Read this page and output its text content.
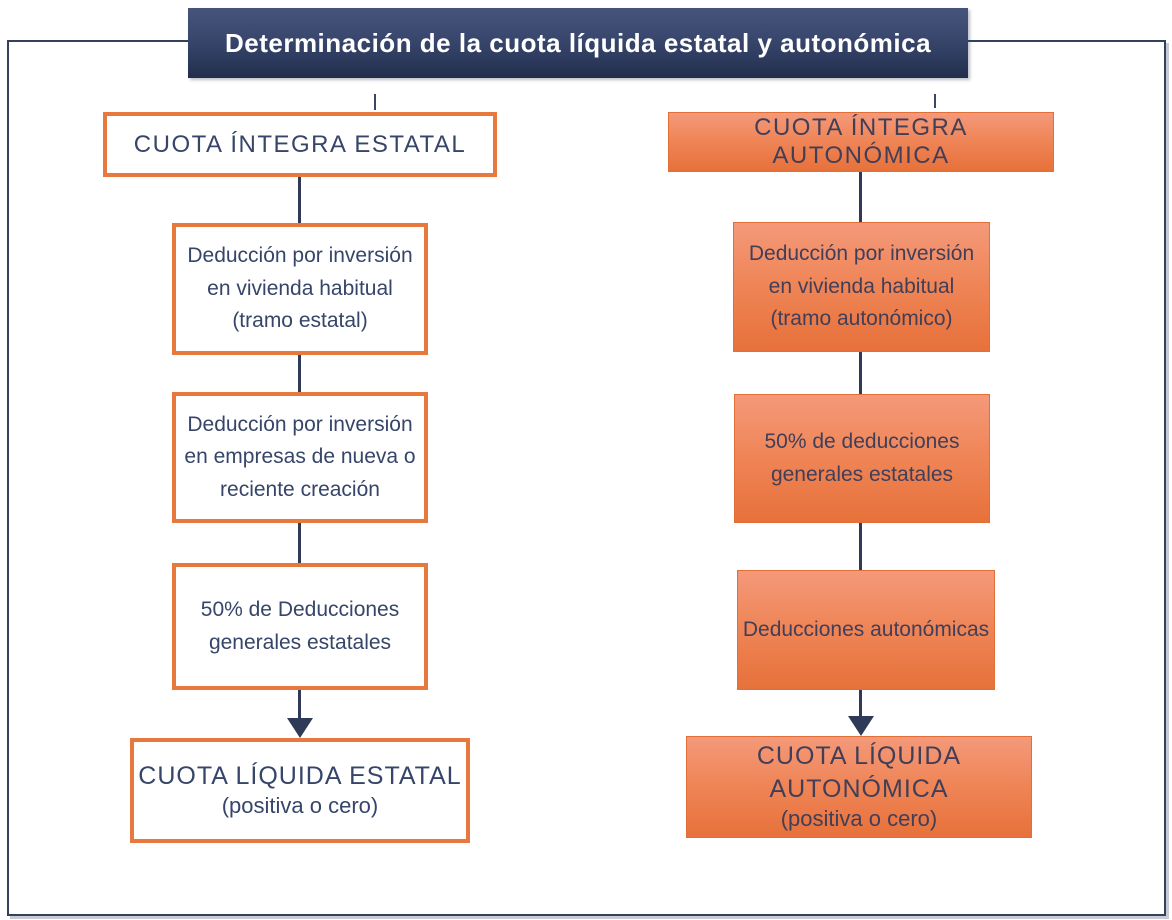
Determinación de la cuota líquida estatal y autonómica
CUOTA ÍNTEGRA ESTATAL
Deducción por inversión en vivienda habitual (tramo estatal)
Deducción por inversión en empresas de nueva o reciente creación
50% de Deducciones generales estatales
CUOTA LÍQUIDA ESTATAL
(positiva o cero)
CUOTA ÍNTEGRA AUTONÓMICA
Deducción por inversión en vivienda habitual (tramo autonómico)
50% de deducciones generales estatales
Deducciones autonómicas
CUOTA LÍQUIDA AUTONÓMICA
(positiva o cero)
